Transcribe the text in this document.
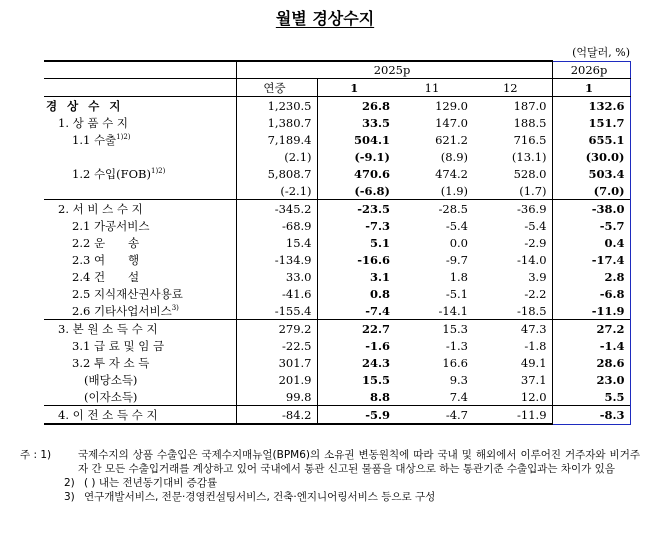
월별 경상수지
(억달러, %)
	2025p				2026p
	연중	1	11	12	1
경 상 수 지	1,230.5	26.8	129.0	187.0	132.6
1. 상 품 수 지	1,380.7	33.5	147.0	188.5	151.7
1.1 수출$^{1)2)}$	7,189.4	504.1	621.2	716.5	655.1
	(2.1)	(-9.1)	(8.9)	(13.1)	(30.0)
1.2 수입(FOB)$^{1)2)}$	5,808.7	470.6	474.2	528.0	503.4
	(-2.1)	(-6.8)	(1.9)	(1.7)	(7.0)
2. 서 비 스 수 지	-345.2	-23.5	-28.5	-36.9	-38.0
2.1 가공서비스	-68.9	-7.3	-5.4	-5.4	-5.7
2.2 운　　송	15.4	5.1	0.0	-2.9	0.4
2.3 여　　행	-134.9	-16.6	-9.7	-14.0	-17.4
2.4 건　　설	33.0	3.1	1.8	3.9	2.8
2.5 지식재산권사용료	-41.6	0.8	-5.1	-2.2	-6.8
2.6 기타사업서비스$^{3)}$	-155.4	-7.4	-14.1	-18.5	-11.9
3. 본 원 소 득 수 지	279.2	22.7	15.3	47.3	27.2
3.1 급 료 및 임 금	-22.5	-1.6	-1.3	-1.8	-1.4
3.2 투 자 소 득	301.7	24.3	16.6	49.1	28.6
(배당소득)	201.9	15.5	9.3	37.1	23.0
(이자소득)	99.8	8.8	7.4	12.0	5.5
4. 이 전 소 득 수 지	-84.2	-5.9	-4.7	-11.9	-8.3
주 : 1)	국제수지의 상품 수출입은 국제수지매뉴얼(BPM6)의 소유권 변동원칙에 따라 국내 및 해외에서 이루어진 거주자와 비거주자 간 모든 수출입거래를 계상하고 있어 국내에서 통관 신고된 물품을 대상으로 하는 통관기준 수출입과는 차이가 있음
2) ( ) 내는 전년동기대비 증감률
3) 연구개발서비스, 전문·경영컨설팅서비스, 건축·엔지니어링서비스 등으로 구성
